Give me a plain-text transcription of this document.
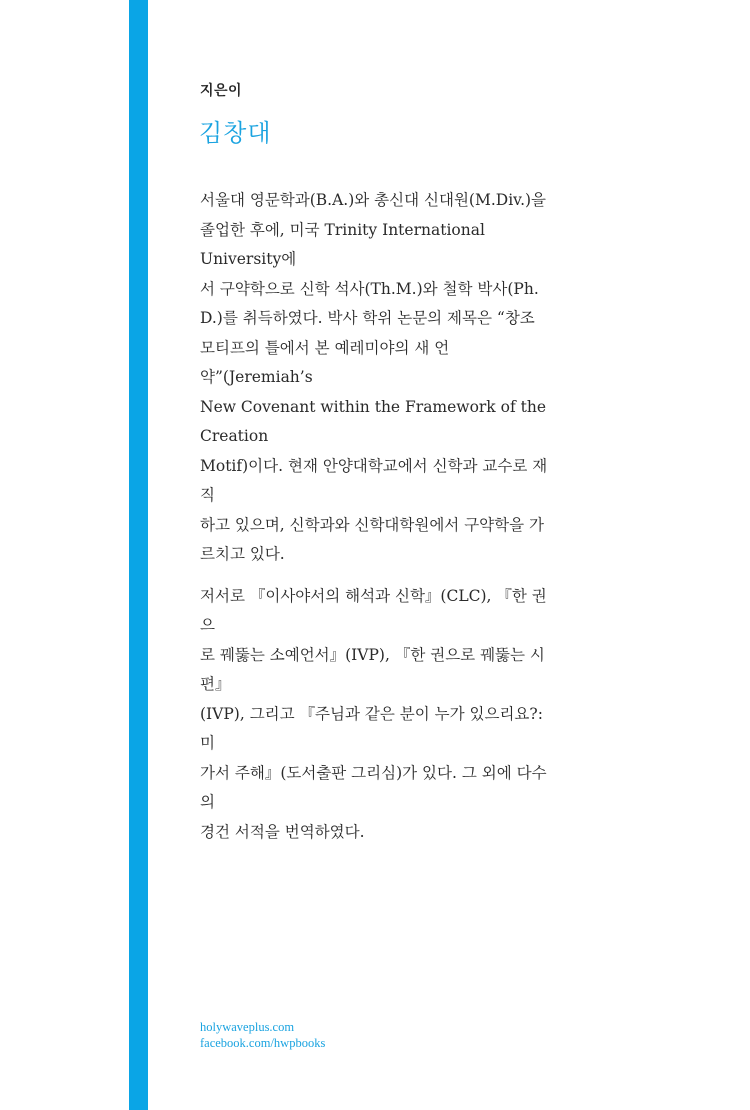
지은이
김창대

서울대 영문학과(B.A.)와 총신대 신대원(M.Div.)을
졸업한 후에, 미국 Trinity International University에
서 구약학으로 신학 석사(Th.M.)와 철학 박사(Ph.
D.)를 취득하였다. 박사 학위 논문의 제목은 “창조
모티프의 틀에서 본 예레미야의 새 언약”(Jeremiah’s
New Covenant within the Framework of the Creation
Motif)이다. 현재 안양대학교에서 신학과 교수로 재직
하고 있으며, 신학과와 신학대학원에서 구약학을 가
르치고 있다.

저서로 『이사야서의 해석과 신학』(CLC), 『한 권으
로 꿰뚫는 소예언서』(IVP), 『한 권으로 꿰뚫는 시편』
(IVP), 그리고 『주님과 같은 분이 누가 있으리요?: 미
가서 주해』(도서출판 그리심)가 있다. 그 외에 다수의
경건 서적을 번역하였다.

holywaveplus.com
facebook.com/hwpbooks
